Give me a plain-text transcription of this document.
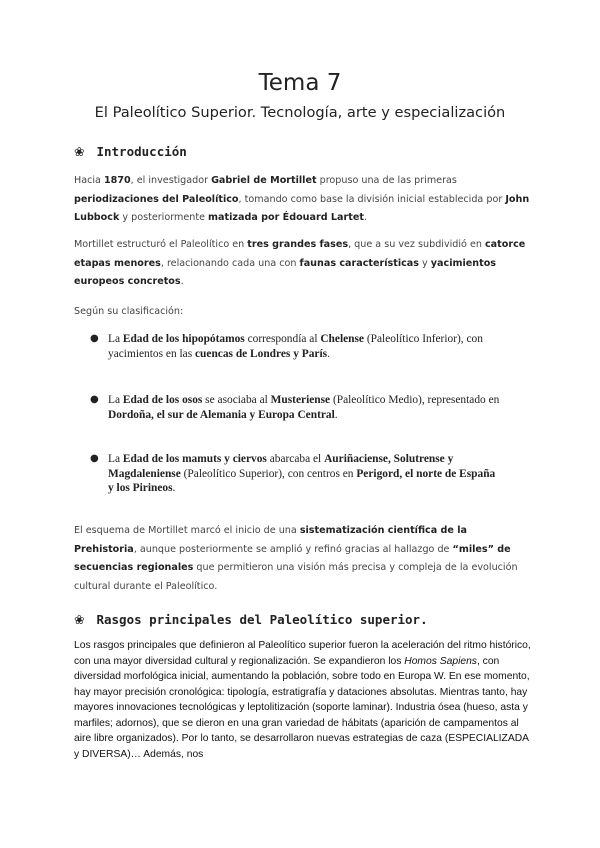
Tema 7
El Paleolítico Superior. Tecnología, arte y especialización
❀ Introducción

Hacia 1870, el investigador Gabriel de Mortillet propuso una de las primeras periodizaciones del Paleolítico, tomando como base la división inicial establecida por John Lubbock y posteriormente matizada por Édouard Lartet.

Mortillet estructuró el Paleolítico en tres grandes fases, que a su vez subdividió en catorce etapas menores, relacionando cada una con faunas características y yacimientos europeos concretos.

Según su clasificación:

● La Edad de los hipopótamos correspondía al Chelense (Paleolítico Inferior), con yacimientos en las cuencas de Londres y París.
● La Edad de los osos se asociaba al Musteriense (Paleolítico Medio), representado en Dordoña, el sur de Alemania y Europa Central.
● La Edad de los mamuts y ciervos abarcaba el Auriñaciense, Solutrense y Magdaleniense (Paleolítico Superior), con centros en Perigord, el norte de España y los Pirineos.

El esquema de Mortillet marcó el inicio de una sistematización científica de la Prehistoria, aunque posteriormente se amplió y refinó gracias al hallazgo de “miles” de secuencias regionales que permitieron una visión más precisa y compleja de la evolución cultural durante el Paleolítico.

❀ Rasgos principales del Paleolítico superior.

Los rasgos principales que definieron al Paleolítico superior fueron la aceleración del ritmo histórico, con una mayor diversidad cultural y regionalización. Se expandieron los Homos Sapiens, con diversidad morfológica inicial, aumentando la población, sobre todo en Europa W. En ese momento, hay mayor precisión cronológica: tipología, estratigrafía y dataciones absolutas. Mientras tanto, hay mayores innovaciones tecnológicas y leptolitización (soporte laminar). Industria ósea (hueso, asta y marfiles; adornos), que se dieron en una gran variedad de hábitats (aparición de campamentos al aire libre organizados). Por lo tanto, se desarrollaron nuevas estrategias de caza (ESPECIALIZADA y DIVERSA)… Además, nos
